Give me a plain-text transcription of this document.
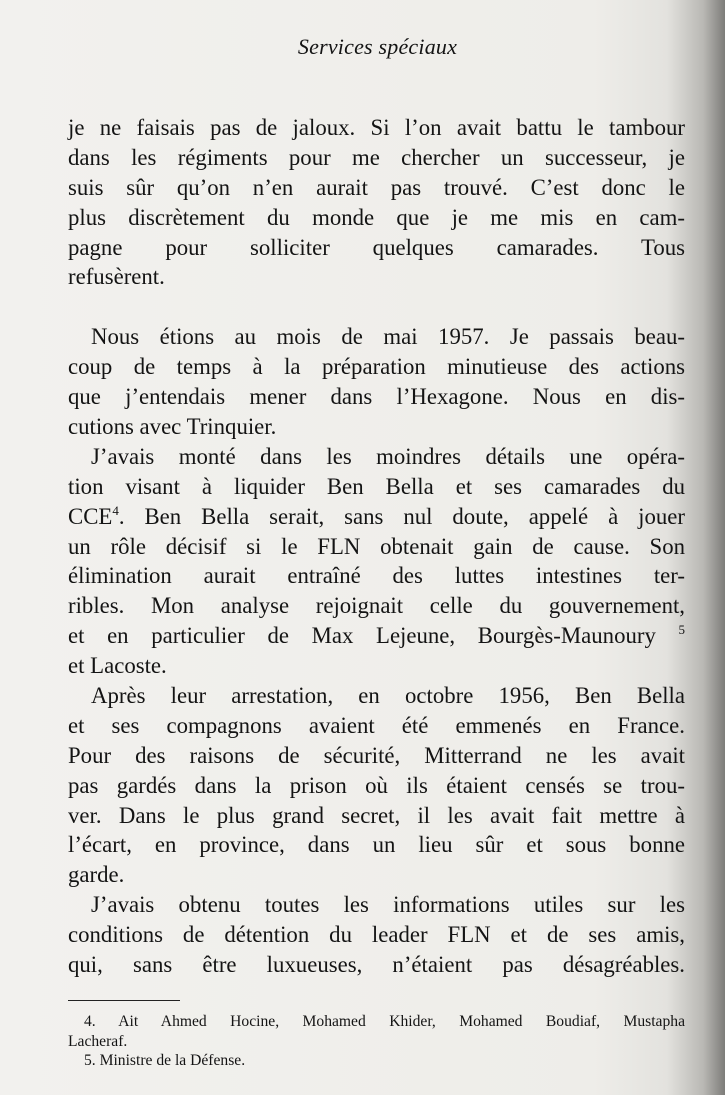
Services spéciaux
je ne faisais pas de jaloux. Si l’on avait battu le tambour
dans les régiments pour me chercher un successeur, je
suis sûr qu’on n’en aurait pas trouvé. C’est donc le
plus discrètement du monde que je me mis en cam-
pagne pour solliciter quelques camarades. Tous
refusèrent.
Nous étions au mois de mai 1957. Je passais beau-
coup de temps à la préparation minutieuse des actions
que j’entendais mener dans l’Hexagone. Nous en dis-
cutions avec Trinquier.
J’avais monté dans les moindres détails une opéra-
tion visant à liquider Ben Bella et ses camarades du
CCE$^4$. Ben Bella serait, sans nul doute, appelé à jouer
un rôle décisif si le FLN obtenait gain de cause. Son
élimination aurait entraîné des luttes intestines ter-
ribles. Mon analyse rejoignait celle du gouvernement,
et en particulier de Max Lejeune, Bourgès-Maunoury $^5$
et Lacoste.
Après leur arrestation, en octobre 1956, Ben Bella
et ses compagnons avaient été emmenés en France.
Pour des raisons de sécurité, Mitterrand ne les avait
pas gardés dans la prison où ils étaient censés se trou-
ver. Dans le plus grand secret, il les avait fait mettre à
l’écart, en province, dans un lieu sûr et sous bonne
garde.
J’avais obtenu toutes les informations utiles sur les
conditions de détention du leader FLN et de ses amis,
qui, sans être luxueuses, n’étaient pas désagréables.
4. Ait Ahmed Hocine, Mohamed Khider, Mohamed Boudiaf, Mustapha
Lacheraf.
5. Ministre de la Défense.
